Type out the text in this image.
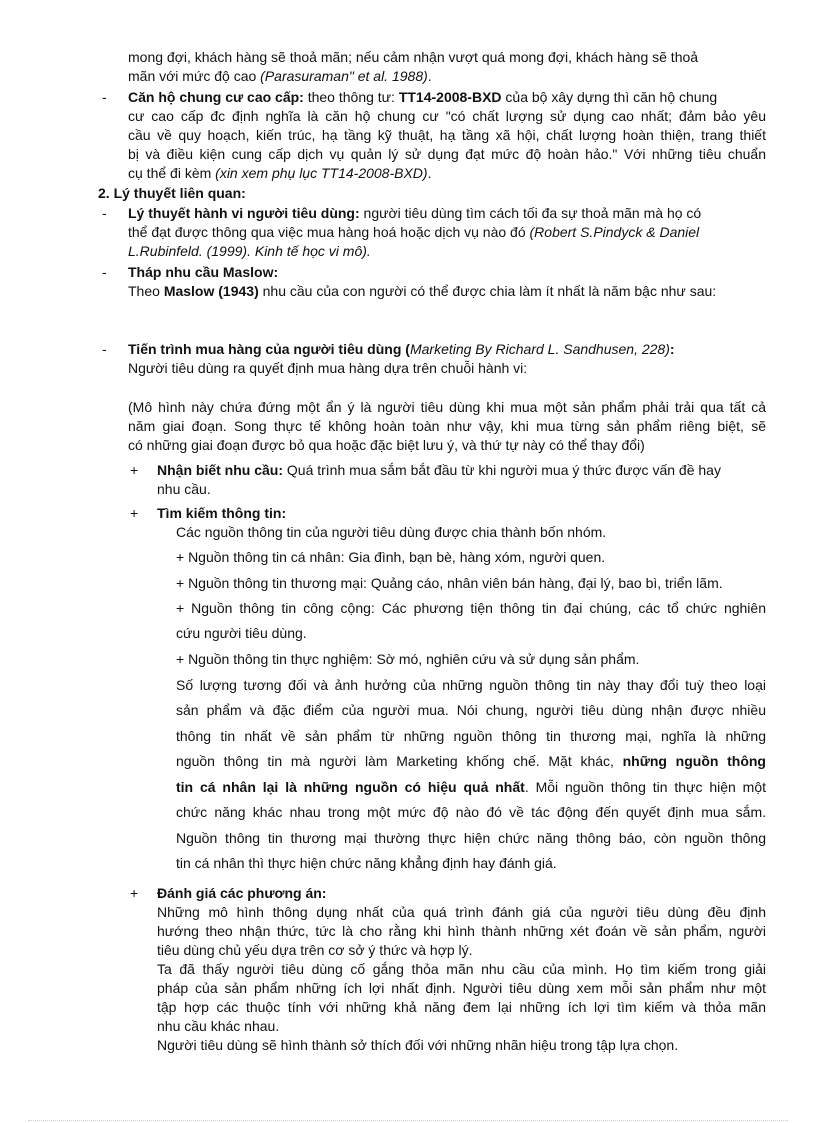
mong đợi, khách hàng sẽ thoả mãn; nếu cảm nhận vượt quá mong đợi, khách hàng sẽ thoả
mãn với mức độ cao (Parasuraman" et al. 1988).
- Căn hộ chung cư cao cấp: theo thông tư: TT14-2008-BXD của bộ xây dựng thì căn hộ chung
cư cao cấp đc định nghĩa là căn hộ chung cư "có chất lượng sử dụng cao nhất; đảm bảo yêu
cầu về quy hoạch, kiến trúc, hạ tầng kỹ thuật, hạ tầng xã hội, chất lượng hoàn thiện, trang thiết
bị và điều kiện cung cấp dịch vụ quản lý sử dụng đạt mức độ hoàn hảo." Với những tiêu chuẩn
cụ thể đi kèm (xin xem phụ lục TT14-2008-BXD).
2. Lý thuyết liên quan:
- Lý thuyết hành vi người tiêu dùng: người tiêu dùng tìm cách tối đa sự thoả mãn mà họ có
thể đạt được thông qua việc mua hàng hoá hoặc dịch vụ nào đó (Robert S.Pindyck & Daniel
L.Rubinfeld. (1999). Kinh tế học vi mô).
- Tháp nhu cầu Maslow:
Theo Maslow (1943) nhu cầu của con người có thể được chia làm ít nhất là năm bậc như sau:
- Tiến trình mua hàng của người tiêu dùng (Marketing By Richard L. Sandhusen, 228):
Người tiêu dùng ra quyết định mua hàng dựa trên chuỗi hành vi:
(Mô hình này chứa đứng một ẩn ý là người tiêu dùng khi mua một sản phẩm phải trải qua tất cả
năm giai đoạn. Song thực tế không hoàn toàn như vậy, khi mua từng sản phẩm riêng biệt, sẽ
có những giai đoạn được bỏ qua hoặc đặc biệt lưu ý, và thứ tự này có thể thay đổi)
+ Nhận biết nhu cầu: Quá trình mua sắm bắt đầu từ khi người mua ý thức được vấn đề hay
nhu cầu.
+ Tìm kiếm thông tin:
Các nguồn thông tin của người tiêu dùng được chia thành bốn nhóm.
+ Nguồn thông tin cá nhân: Gia đình, bạn bè, hàng xóm, người quen.
+ Nguồn thông tin thương mại: Quảng cáo, nhân viên bán hàng, đại lý, bao bì, triển lãm.
+ Nguồn thông tin công cộng: Các phương tiện thông tin đại chúng, các tổ chức nghiên
cứu người tiêu dùng.
+ Nguồn thông tin thực nghiệm: Sờ mó, nghiên cứu và sử dụng sản phẩm.
Số lượng tương đối và ảnh hưởng của những nguồn thông tin này thay đổi tuỳ theo loại
sản phẩm và đặc điểm của người mua. Nói chung, người tiêu dùng nhận được nhiều
thông tin nhất về sản phẩm từ những nguồn thông tin thương mại, nghĩa là những
nguồn thông tin mà người làm Marketing khống chế. Mặt khác, những nguồn thông
tin cá nhân lại là những nguồn có hiệu quả nhất. Mỗi nguồn thông tin thực hiện một
chức năng khác nhau trong một mức độ nào đó về tác động đến quyết định mua sắm.
Nguồn thông tin thương mại thường thực hiện chức năng thông báo, còn nguồn thông
tin cá nhân thì thực hiện chức năng khẳng định hay đánh giá.
+ Đánh giá các phương án:
Những mô hình thông dụng nhất của quá trình đánh giá của người tiêu dùng đều định
hướng theo nhận thức, tức là cho rằng khi hình thành những xét đoán về sản phẩm, người
tiêu dùng chủ yếu dựa trên cơ sở ý thức và hợp lý.
Ta đã thấy người tiêu dùng cố gắng thỏa mãn nhu cầu của mình. Họ tìm kiếm trong giải
pháp của sản phẩm những ích lợi nhất định. Người tiêu dùng xem mỗi sản phẩm như một
tập hợp các thuộc tính với những khả năng đem lại những ích lợi tìm kiếm và thỏa mãn
nhu cầu khác nhau.
Người tiêu dùng sẽ hình thành sở thích đối với những nhãn hiệu trong tập lựa chọn.
